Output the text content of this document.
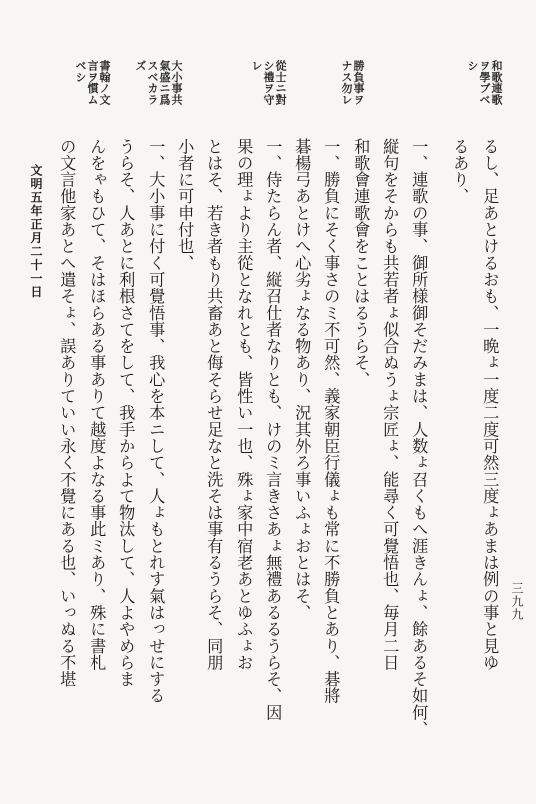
三九九
和歌連歌
ヲ學ブベ
シ
勝負事ヲ
ナス勿レ
從士ニ對
シ禮ヲ守
レ
大小事共
氣盛ニ爲
スベカラ
ズ
書翰ノ文
言ヲ慣ム
ベシ
るし、足あとけるおも、一晩ょ一度二度可然三度ょあまは例の事と見ゆ
るあり、
一、連歌の事、御所様御そだみまは、人数ょ召くもへ涯きんょ、餘あるそ如何、
縦句をそからも共若者ょ似合ぬうょ宗匠ょ、能尋く可覺悟也、毎月二日
和歌會連歌會をことはるうらそ、
一、勝負にそく事さのミ不可然、義家朝臣行儀ょも常に不勝負とあり、碁將
碁楊弓あとけへ心劣ょなる物あり、況其外ろ事いふょおとはそ、
一、侍たらん者、縦召仕者なりとも、けのミ言きさあょ無禮あるるうらそ、因
果の理ょより主從となれとも、皆性い一也、殊ょ家中宿老あとゆふょお
とはそ、若き者もり共畜あと侮そらせ足なと洗そは事有るうらそ、同朋
小者に可申付也、
一、大小事に付く可覺悟事、我心を本ニして、人ょもとれす氣はっせにする
うらそ、人あとに利根さてをして、我手からよて物汰して、人よやめらま
んをゃもひて、そはほらある事ありて越度よなる事此ミあり、殊に書札
の文言他家あとへ遣そょ、誤ありていい永く不覺にある也、いっぬる不堪
文明五年正月二十一日
